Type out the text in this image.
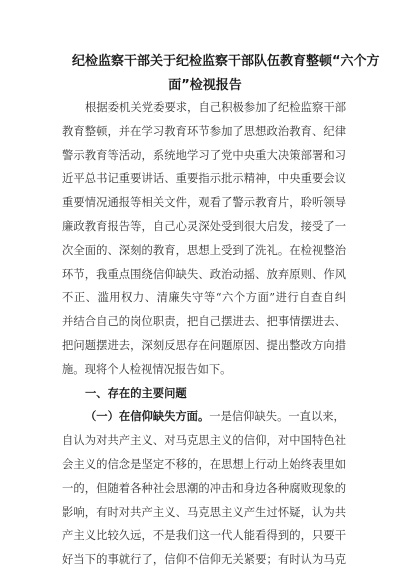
纪检监察干部关于纪检监察干部队伍教育整顿“六个方
面”检视报告
根据委机关党委要求，自己积极参加了纪检监察干部
教育整顿，并在学习教育环节参加了思想政治教育、纪律
警示教育等活动，系统地学习了党中央重大决策部署和习
近平总书记重要讲话、重要指示批示精神，中央重要会议
重要情况通报等相关文件，观看了警示教育片，聆听领导
廉政教育报告等，自己心灵深处受到很大启发，接受了一
次全面的、深刻的教育，思想上受到了洗礼。在检视整治
环节，我重点围绕信仰缺失、政治动摇、放弃原则、作风
不正、滥用权力、清廉失守等“六个方面”进行自查自纠
并结合自己的岗位职责，把自己摆进去、把事情摆进去、
把问题摆进去，深刻反思存在问题原因、提出整改方向措
施。现将个人检视情况报告如下。
一、存在的主要问题
（一）在信仰缺失方面。一是信仰缺失。一直以来，
自认为对共产主义、对马克思主义的信仰，对中国特色社
会主义的信念是坚定不移的，在思想上行动上始终表里如
一的，但随着各种社会思潮的冲击和身边各种腐败现象的
影响，有时对共产主义、马克思主义产生过怀疑，认为共
产主义比较久远，不是我们这一代人能看得到的，只要干
好当下的事就行了，信仰不信仰无关紧要；有时认为马克
